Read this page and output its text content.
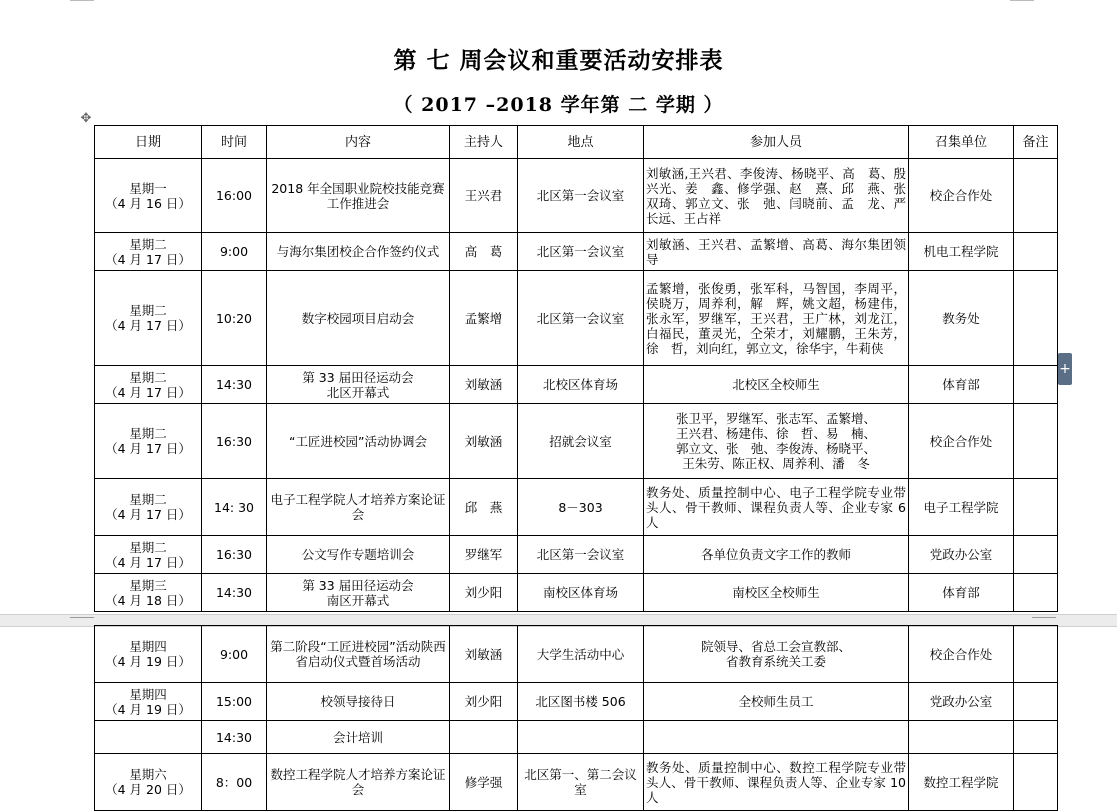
第 七 周会议和重要活动安排表
（ 2017 –2018 学年第 二 学期 ）
✥
日期	时间	内容	主持人	地点	参加人员	召集单位	备注
星期一
（4 月 16 日）	16:00	2018 年全国职业院校技能竞赛工作推进会	王兴君	北区第一会议室	刘敏涵,王兴君、李俊涛、杨晓平、高　葛、殷兴光、姜　鑫、修学强、赵　熹、邱　燕、张双琦、郭立文、张　弛、闫晓前、孟　龙、严长远、王占祥	校企合作处	
星期二
（4 月 17 日）	9:00	与海尔集团校企合作签约仪式	高　葛	北区第一会议室	刘敏涵、王兴君、孟繁增、高葛、海尔集团领导	机电工程学院	
星期二
（4 月 17 日）	10:20	数字校园项目启动会	孟繁增	北区第一会议室	孟繁增，张俊勇，张军科，马智国，李周平，侯晓万，周养利，解　辉，姚文超，杨建伟，张永军，罗继军，王兴君，王广林，刘龙江，白福民，董灵光，仝荣才，刘耀鹏，王朱芳，徐　哲，刘向红，郭立文，徐华宇，牛莉侠	教务处	
星期二
（4 月 17 日）	14:30	第 33 届田径运动会
北区开幕式	刘敏涵	北校区体育场	北校区全校师生	体育部	
星期二
（4 月 17 日）	16:30	“工匠进校园”活动协调会	刘敏涵	招就会议室	张卫平，罗继军、张志军、孟繁增、
王兴君、杨建伟、徐　哲、易　楠、
郭立文、张　弛、李俊涛、杨晓平、
王朱劳、陈正权、周养利、潘　冬	校企合作处	
星期二
（4 月 17 日）	14: 30	电子工程学院人才培养方案论证会	邱　燕	8－303	教务处、质量控制中心、电子工程学院专业带头人、骨干教师、课程负责人等、企业专家 6 人	电子工程学院	
星期二
（4 月 17 日）	16:30	公文写作专题培训会	罗继军	北区第一会议室	各单位负责文字工作的教师	党政办公室	
星期三
（4 月 18 日）	14:30	第 33 届田径运动会
南区开幕式	刘少阳	南校区体育场	南校区全校师生	体育部	
星期四
（4 月 19 日）	9:00	第二阶段“工匠进校园”活动陕西省启动仪式暨首场活动	刘敏涵	大学生活动中心	院领导、省总工会宣教部、
省教育系统关工委	校企合作处	
星期四
（4 月 19 日）	15:00	校领导接待日	刘少阳	北区图书楼 506	全校师生员工	党政办公室	
	14:30	会计培训					
星期六
（4 月 20 日）	8：00	数控工程学院人才培养方案论证会	修学强	北区第一、第二会议室	教务处、质量控制中心、数控工程学院专业带头人、骨干教师、课程负责人等、企业专家 10 人	数控工程学院	
+
